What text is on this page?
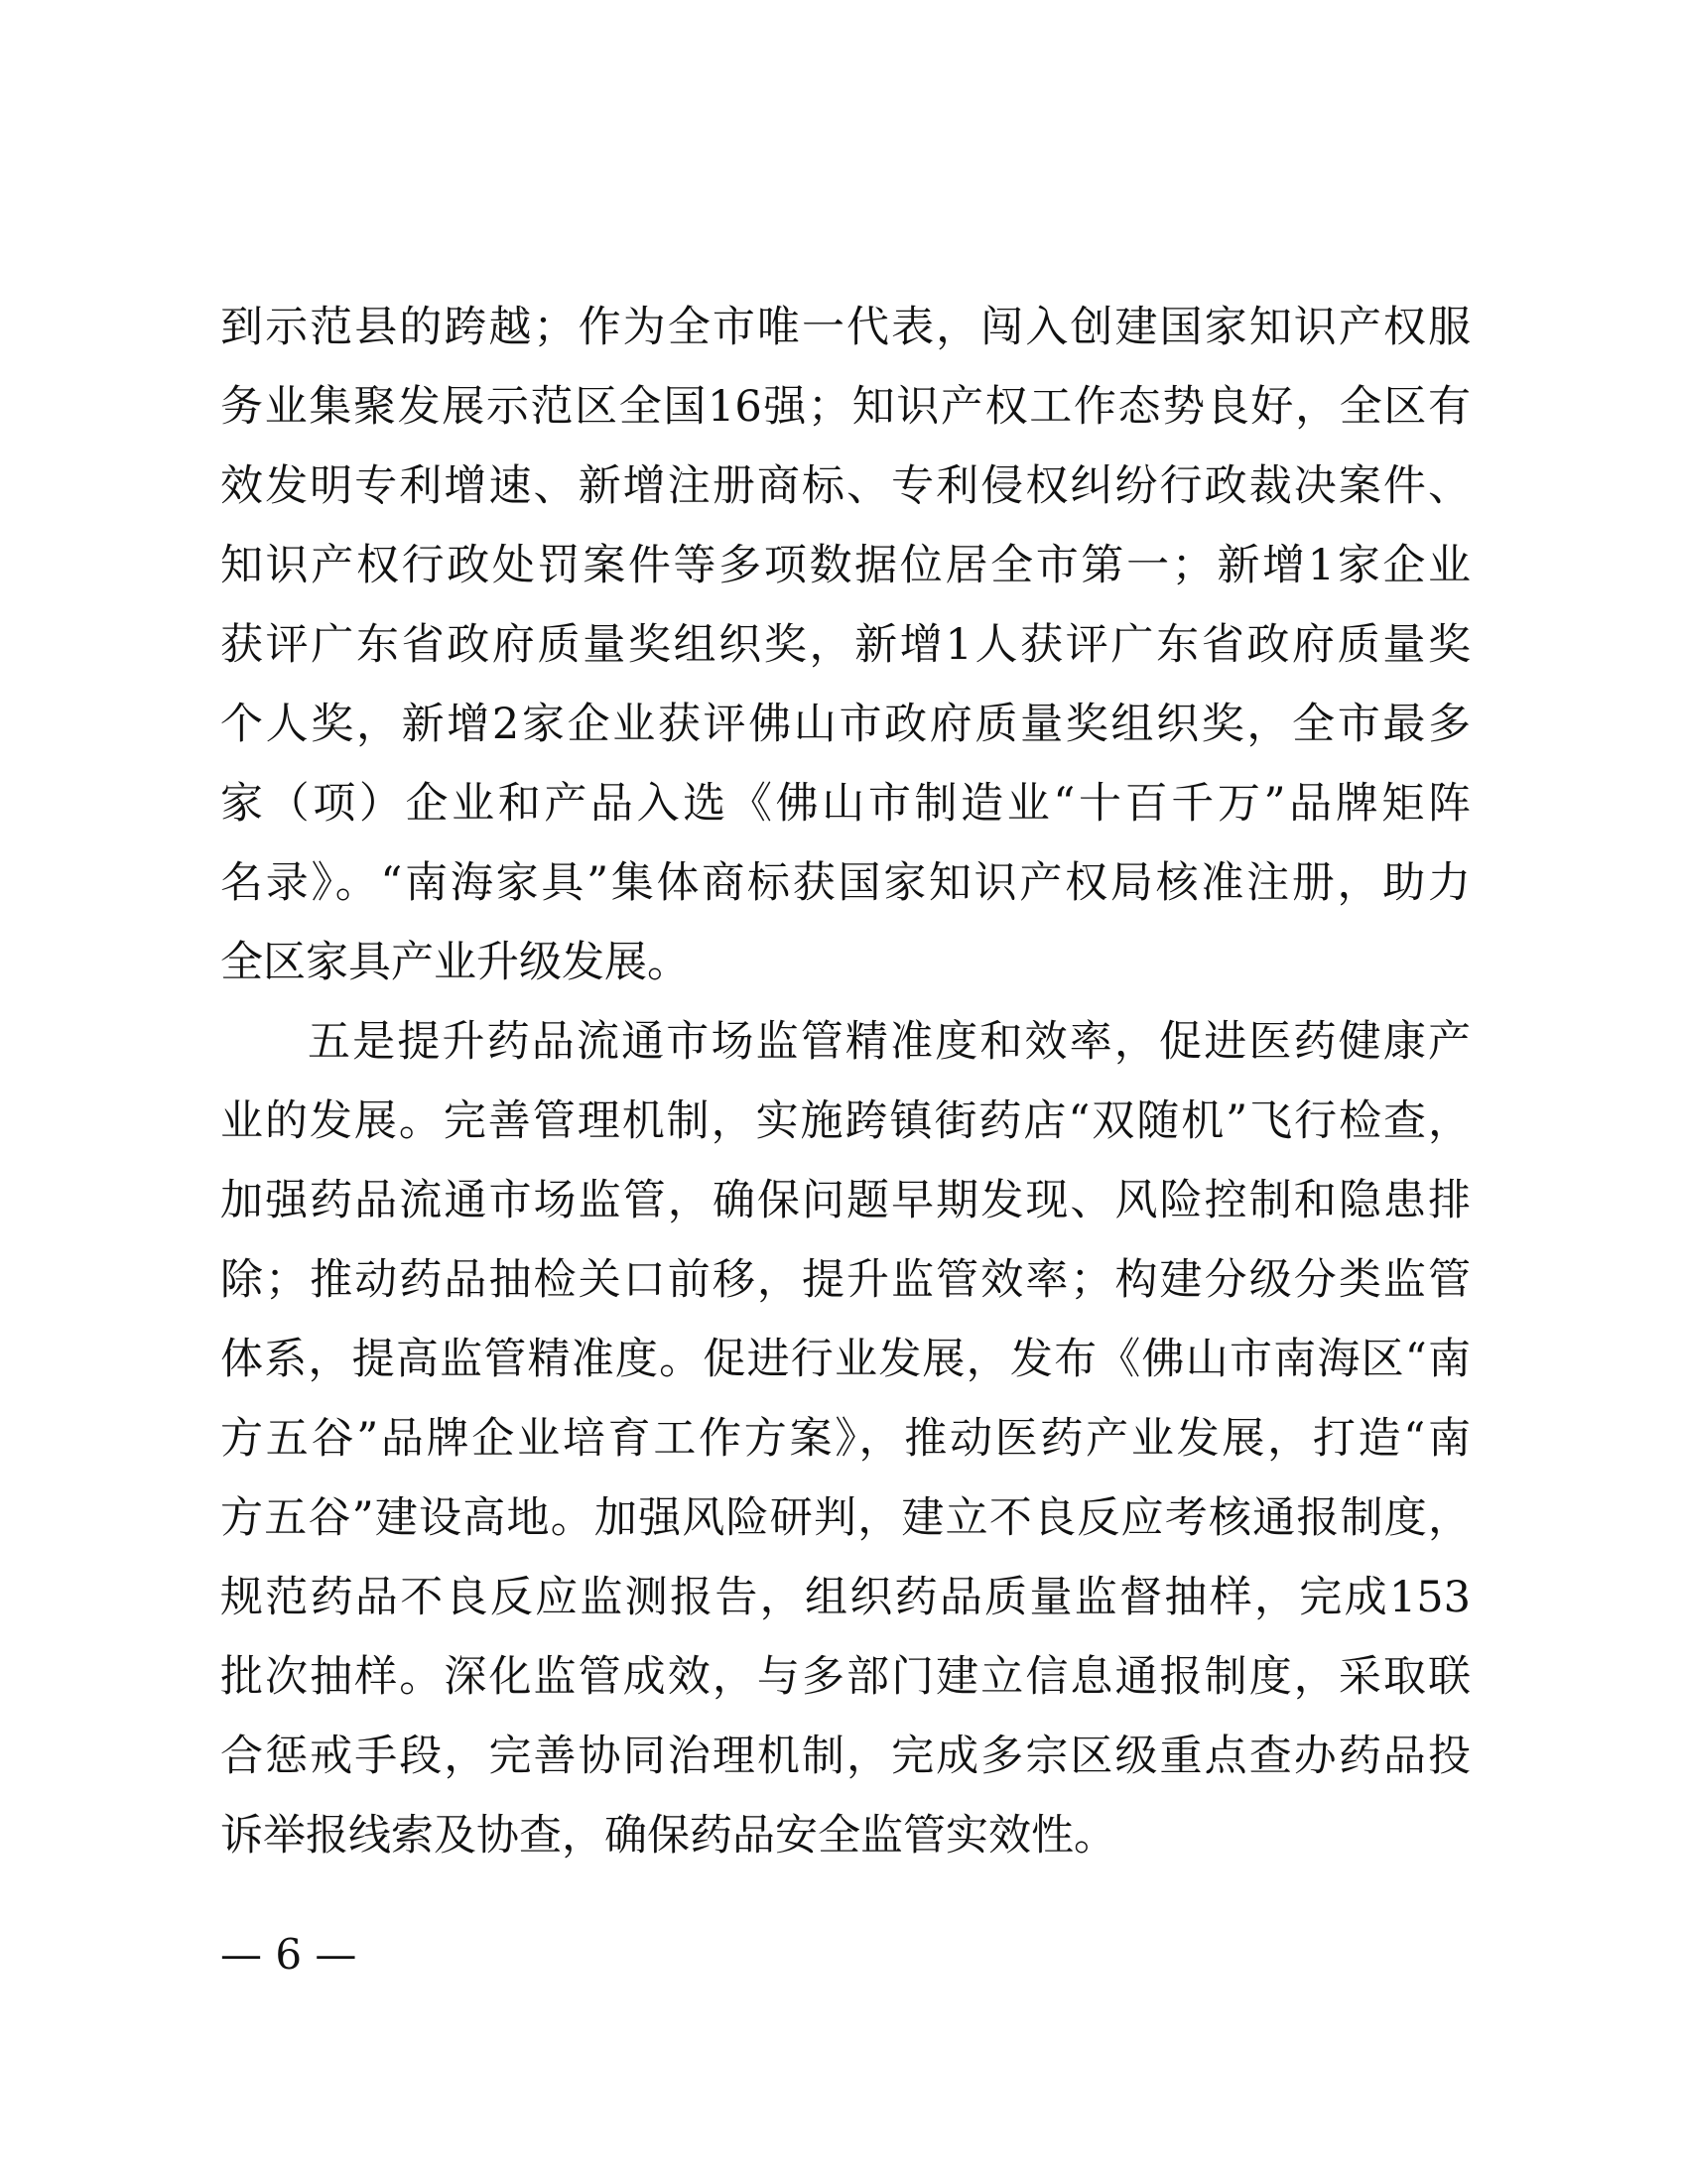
到示范县的跨越；作为全市唯一代表，闯入创建国家知识产权服
务业集聚发展示范区全国16强；知识产权工作态势良好，全区有
效发明专利增速、新增注册商标、专利侵权纠纷行政裁决案件、
知识产权行政处罚案件等多项数据位居全市第一；新增1家企业
获评广东省政府质量奖组织奖，新增1人获评广东省政府质量奖
个人奖，新增2家企业获评佛山市政府质量奖组织奖，全市最多
家（项）企业和产品入选《佛山市制造业“十百千万”品牌矩阵
名录》。“南海家具”集体商标获国家知识产权局核准注册，助力
全区家具产业升级发展。
五是提升药品流通市场监管精准度和效率，促进医药健康产
业的发展。完善管理机制，实施跨镇街药店“双随机”飞行检查，
加强药品流通市场监管，确保问题早期发现、风险控制和隐患排
除；推动药品抽检关口前移，提升监管效率；构建分级分类监管
体系，提高监管精准度。促进行业发展，发布《佛山市南海区“南
方五谷”品牌企业培育工作方案》，推动医药产业发展，打造“南
方五谷”建设高地。加强风险研判，建立不良反应考核通报制度，
规范药品不良反应监测报告，组织药品质量监督抽样，完成153
批次抽样。深化监管成效，与多部门建立信息通报制度，采取联
合惩戒手段，完善协同治理机制，完成多宗区级重点查办药品投
诉举报线索及协查，确保药品安全监管实效性。
— 6 —
